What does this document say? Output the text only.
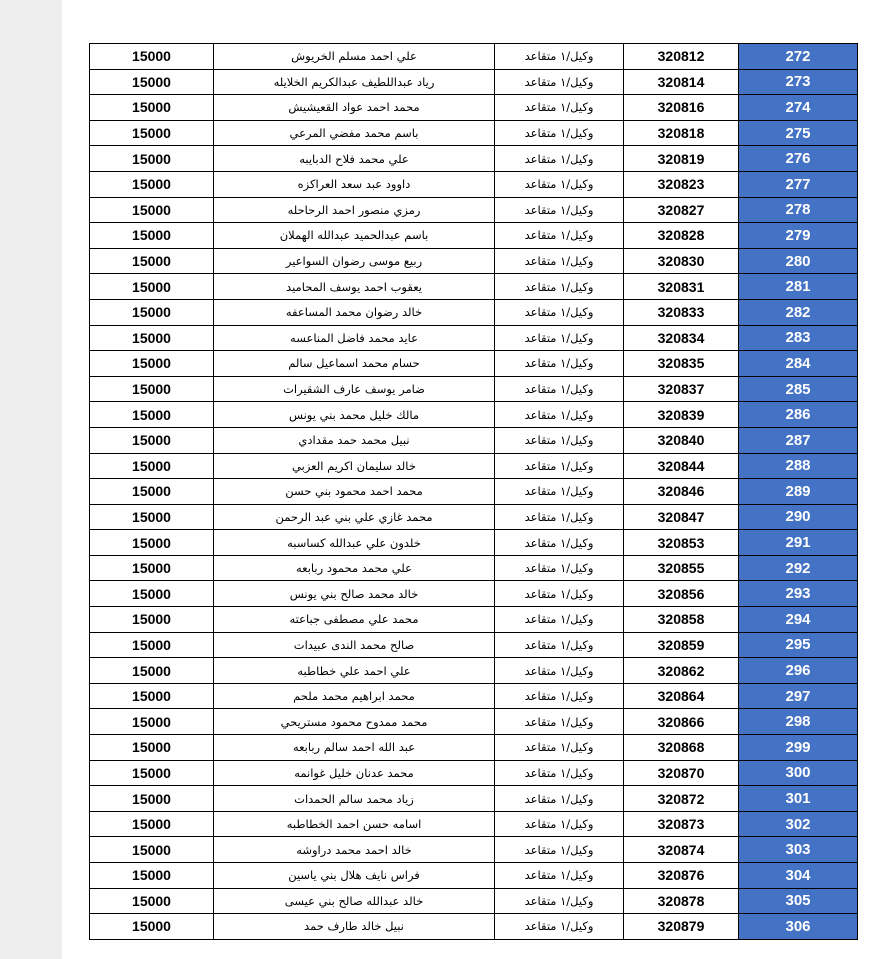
15000	علي احمد مسلم الخريوش	وكيل/١ متقاعد	320812	272
15000	رياد عبداللطيف عبدالكريم الخلايله	وكيل/١ متقاعد	320814	273
15000	محمد احمد عواد القعيشيش	وكيل/١ متقاعد	320816	274
15000	باسم محمد مفضي المرعي	وكيل/١ متقاعد	320818	275
15000	علي محمد فلاح الدبايبه	وكيل/١ متقاعد	320819	276
15000	داوود عبد سعد العراكزه	وكيل/١ متقاعد	320823	277
15000	رمزي منصور احمد الرحاحله	وكيل/١ متقاعد	320827	278
15000	باسم عبدالحميد عبدالله الهملان	وكيل/١ متقاعد	320828	279
15000	ربيع موسى رضوان السواعير	وكيل/١ متقاعد	320830	280
15000	يعقوب احمد يوسف المحاميد	وكيل/١ متقاعد	320831	281
15000	خالد رضوان محمد المساعفه	وكيل/١ متقاعد	320833	282
15000	عايد محمد فاضل المناعسه	وكيل/١ متقاعد	320834	283
15000	حسام محمد اسماعيل سالم	وكيل/١ متقاعد	320835	284
15000	ضامر يوسف عارف الشقيرات	وكيل/١ متقاعد	320837	285
15000	مالك خليل محمد بني يونس	وكيل/١ متقاعد	320839	286
15000	نبيل محمد حمد مقدادي	وكيل/١ متقاعد	320840	287
15000	خالد سليمان اكريم العزبي	وكيل/١ متقاعد	320844	288
15000	محمد احمد محمود بني حسن	وكيل/١ متقاعد	320846	289
15000	محمد غازي علي بني عبد الرحمن	وكيل/١ متقاعد	320847	290
15000	خلدون علي عبدالله كساسبه	وكيل/١ متقاعد	320853	291
15000	علي محمد محمود ربابعه	وكيل/١ متقاعد	320855	292
15000	خالد محمد صالح بني يونس	وكيل/١ متقاعد	320856	293
15000	محمد علي مصطفى جباعته	وكيل/١ متقاعد	320858	294
15000	صالح محمد الندى عبيدات	وكيل/١ متقاعد	320859	295
15000	علي احمد علي خطاطبه	وكيل/١ متقاعد	320862	296
15000	محمد ابراهيم محمد ملحم	وكيل/١ متقاعد	320864	297
15000	محمد ممدوح محمود مستريحي	وكيل/١ متقاعد	320866	298
15000	عبد الله احمد سالم ربابعه	وكيل/١ متقاعد	320868	299
15000	محمد عدنان خليل غوانمه	وكيل/١ متقاعد	320870	300
15000	زياد محمد سالم الحمدات	وكيل/١ متقاعد	320872	301
15000	اسامه حسن احمد الخطاطبه	وكيل/١ متقاعد	320873	302
15000	خالد احمد محمد دراوشه	وكيل/١ متقاعد	320874	303
15000	فراس نايف هلال بني ياسين	وكيل/١ متقاعد	320876	304
15000	خالد عبدالله صالح بني عيسى	وكيل/١ متقاعد	320878	305
15000	نبيل خالد طارف حمد	وكيل/١ متقاعد	320879	306
